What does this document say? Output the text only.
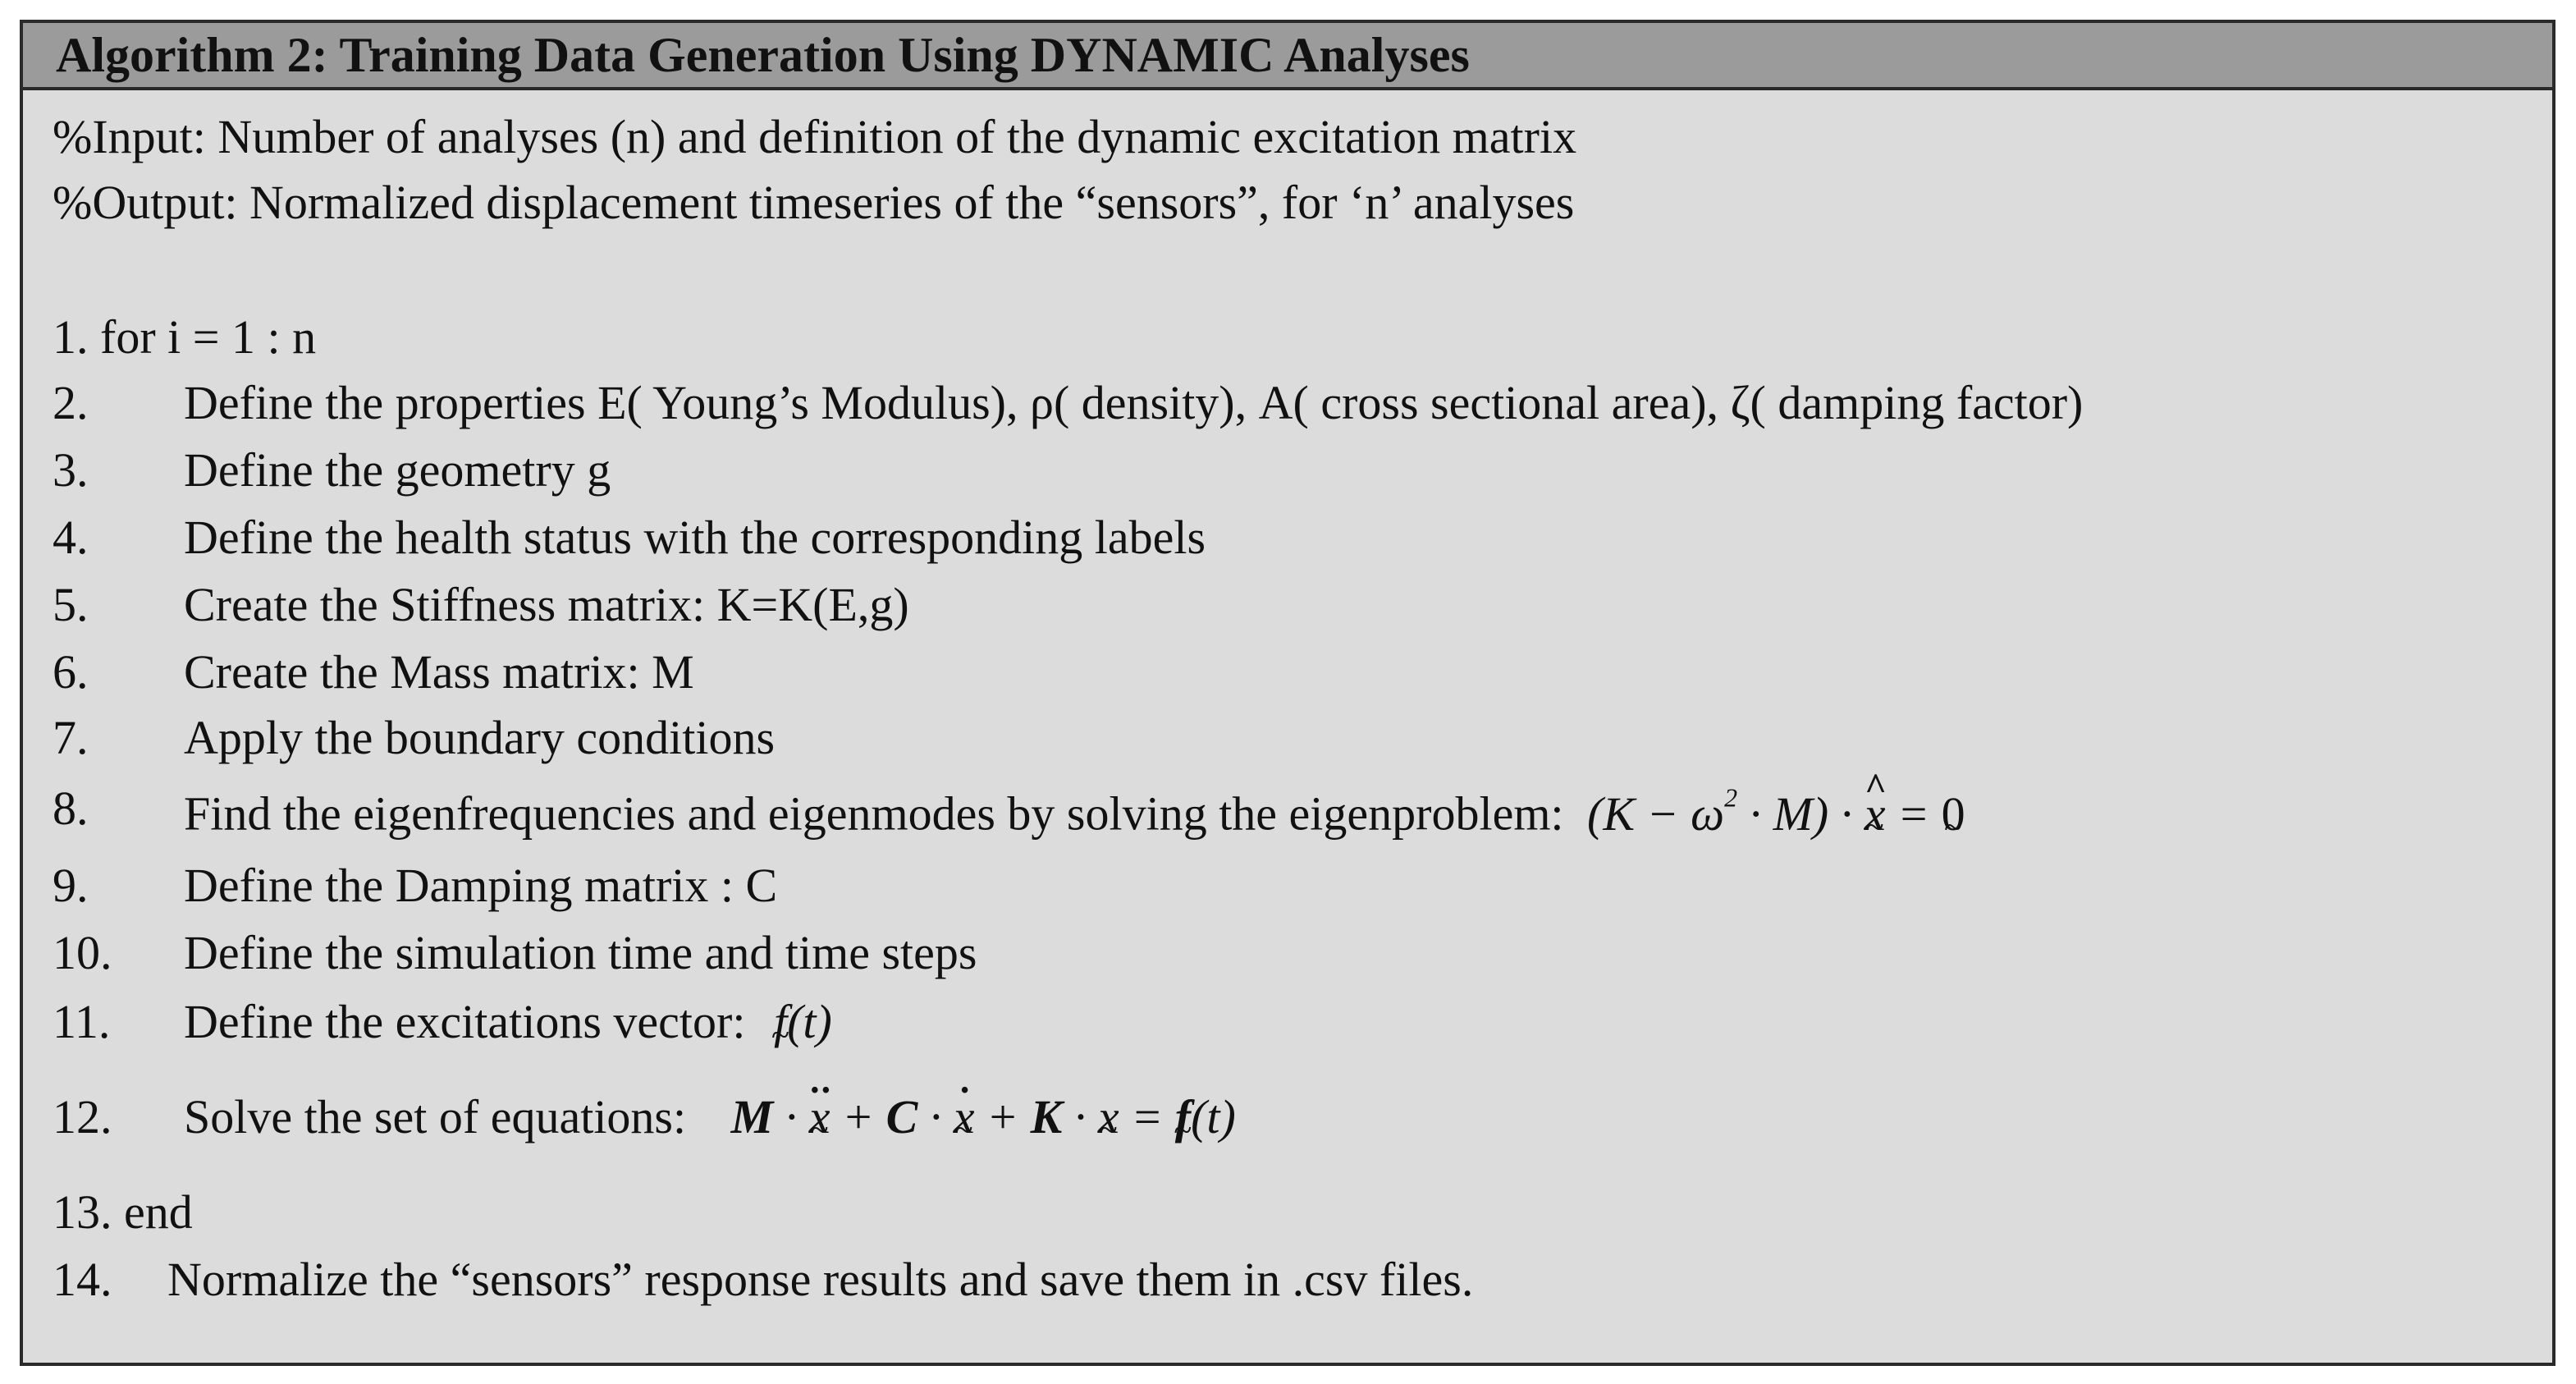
Algorithm 2: Training Data Generation Using DYNAMIC Analyses
%Input: Number of analyses (n) and definition of the dynamic excitation matrix
%Output: Normalized displacement timeseries of the “sensors”, for ‘n’ analyses
1. for i = 1 : n
2. Define the properties E( Young’s Modulus), ρ( density), A( cross sectional area), ζ( damping factor)
3. Define the geometry g
4. Define the health status with the corresponding labels
5. Create the Stiffness matrix: K=K(E,g)
6. Create the Mass matrix: M
7. Apply the boundary conditions
8. Find the eigenfrequencies and eigenmodes by solving the eigenproblem: $(K - \omega^2 \cdot M)$ · ^ x ~ = 0 ~
9. Define the Damping matrix : C
10. Define the simulation time and time steps
11. Define the excitations vector: f ~(t)
12. Solve the set of equations: M · ·· x ~ + C · · x ~ + K · x ~ = f ~(t)
13. end
14. Normalize the “sensors” response results and save them in .csv files.
